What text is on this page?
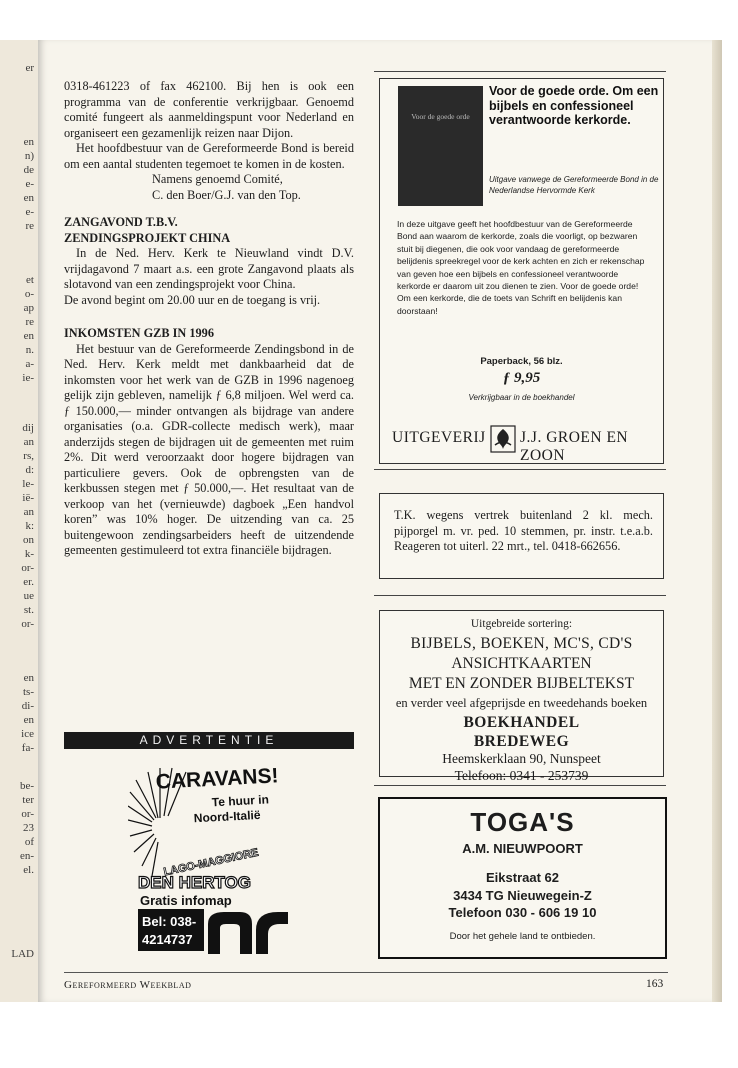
er
en
n)
de
e-
en
e-
re
et
o-
ap
re
en
n.
a-
ie-
dij
an
rs,
d:
le-
ië-
an
k:
on
k-
or-
er.
ue
st.
or-
en
ts-
di-
en
ice
fa-
be-
ter
or-
23
of
en-
el.
LAD

0318-461223 of fax 462100. Bij hen is ook een programma van de conferentie verkrijgbaar. Genoemd comité fungeert als aanmeldingspunt voor Nederland en organiseert een gezamenlijk reizen naar Dijon.

Het hoofdbestuur van de Gereformeerde Bond is bereid om een aantal studenten tegemoet te komen in de kosten.

Namens genoemd Comité,

C. den Boer/G.J. van den Top.

ZANGAVOND T.B.V.

ZENDINGSPROJEKT CHINA

In de Ned. Herv. Kerk te Nieuwland vindt D.V. vrijdagavond 7 maart a.s. een grote Zangavond plaats als slotavond van een zendingsprojekt voor China.

De avond begint om 20.00 uur en de toegang is vrij.

INKOMSTEN GZB IN 1996

Het bestuur van de Gereformeerde Zendingsbond in de Ned. Herv. Kerk meldt met dankbaarheid dat de inkomsten voor het werk van de GZB in 1996 nagenoeg gelijk zijn gebleven, namelijk ƒ 6,8 miljoen. Wel werd ca. ƒ 150.000,— minder ontvangen als bijdrage van andere organisaties (o.a. GDR-collecte medisch werk), maar anderzijds stegen de bijdragen uit de gemeenten met ruim 2%. Dit werd veroorzaakt door hogere bijdragen van particuliere gevers. Ook de opbrengsten van de kerkbussen stegen met ƒ 50.000,—. Het resultaat van de verkoop van het (vernieuwde) dagboek „Een handvol koren” was 10% hoger. De uitzending van ca. 25 buitengewoon zendingsarbeiders heeft de uitzendende gemeenten gestimuleerd tot extra financiële bijdragen.

ADVERTENTIE
CARAVANS!
Te huur in
Noord-Italië
LAGO-MAGGIORE
DEN HERTOG
Gratis infomap
Bel: 038-
4214737
Voor de goede orde

Voor de goede orde. Om een bijbels en confessioneel verantwoorde kerkorde.

Uitgave vanwege de Gereformeerde Bond in de Nederlandse Hervormde Kerk

In deze uitgave geeft het hoofdbestuur van de Gereformeerde Bond aan waarom de kerkorde, zoals die voorligt, op bezwaren stuit bij diegenen, die ook voor vandaag de gereformeerde belijdenis spreekregel voor de kerk achten en zich er rekenschap van geven hoe een bijbels en confessioneel verantwoorde kerkorde er daarom uit zou dienen te zien. Voor de goede orde! Om een kerkorde, die de toets van Schrift en belijdenis kan doorstaan!

Paperback, 56 blz.
ƒ 9,95
Verkrijgbaar in de boekhandel
UITGEVERIJ J.J. GROEN EN ZOON

T.K. wegens vertrek buitenland 2 kl. mech. pijporgel m. vr. ped. 10 stemmen, pr. instr. t.e.a.b. Reageren tot uiterl. 22 mrt., tel. 0418-662656.

Uitgebreide sortering:
BIJBELS, BOEKEN, MC'S, CD'S
ANSICHTKAARTEN
MET EN ZONDER BIJBELTEKST
en verder veel afgeprijsde en tweedehands boeken
BOEKHANDEL
BREDEWEG
Heemskerklaan 90, Nunspeet
Telefoon: 0341 - 253739
TOGA'S
A.M. NIEUWPOORT
Eikstraat 62
3434 TG Nieuwegein-Z
Telefoon 030 - 606 19 10
Door het gehele land te ontbieden.
Gereformeerd Weekblad	163
